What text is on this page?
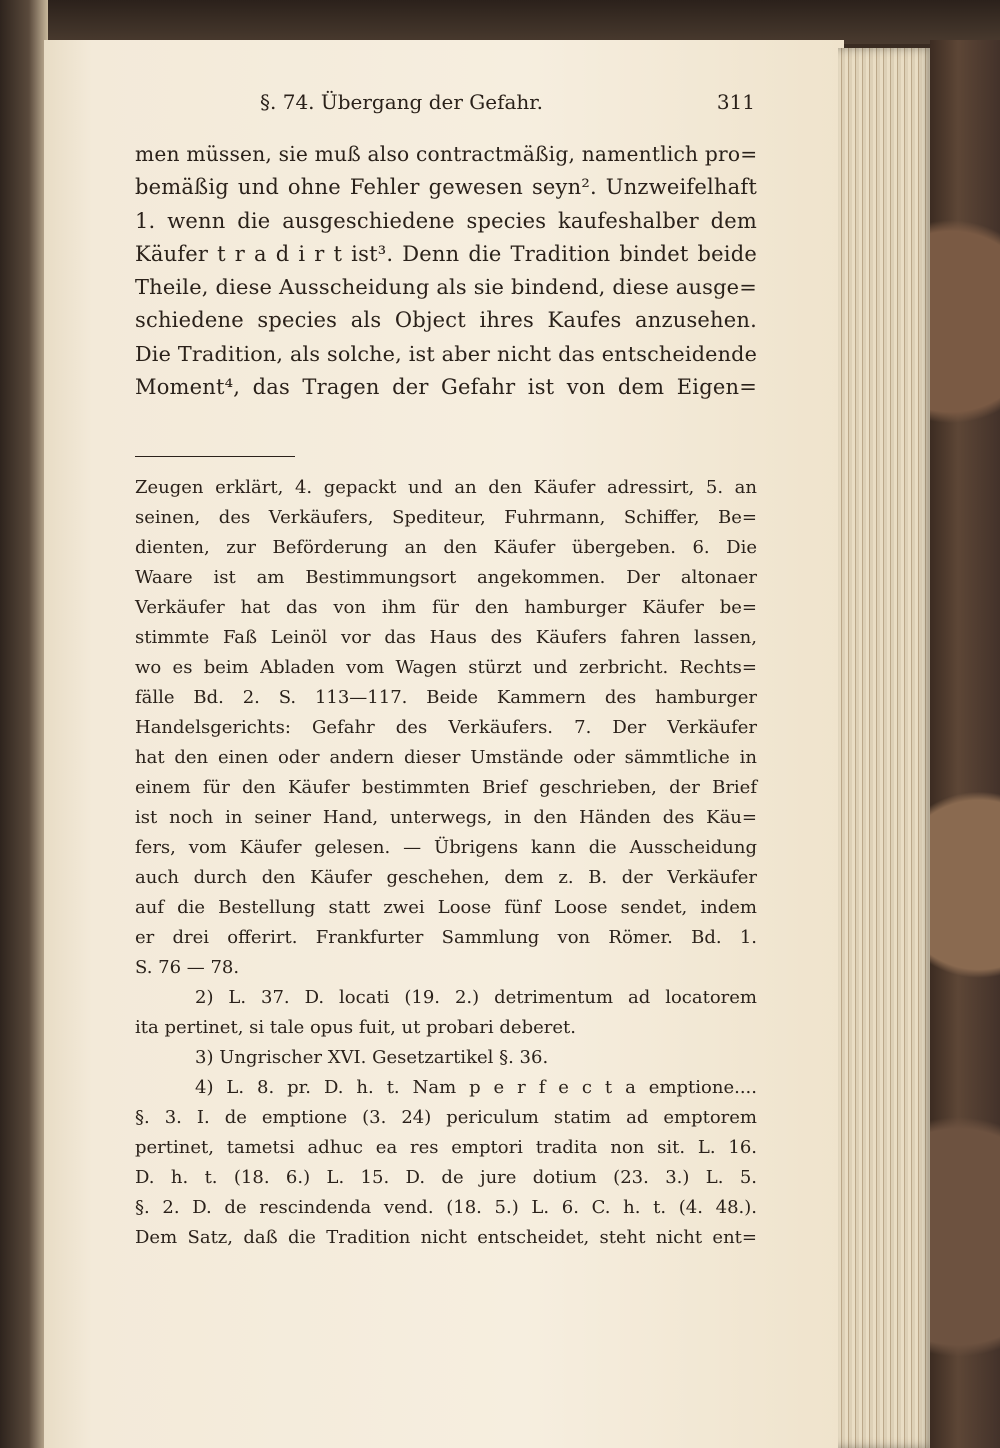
§. 74. Übergang der Gefahr.	311
men müssen, sie muß also contractmäßig, namentlich pro=
bemäßig und ohne Fehler gewesen seyn². Unzweifelhaft
1. wenn die ausgeschiedene species kaufeshalber dem
Käufer t r a d i r t ist³. Denn die Tradition bindet beide
Theile, diese Ausscheidung als sie bindend, diese ausge=
schiedene species als Object ihres Kaufes anzusehen.
Die Tradition, als solche, ist aber nicht das entscheidende
Moment⁴, das Tragen der Gefahr ist von dem Eigen=
Zeugen erklärt, 4. gepackt und an den Käufer adressirt, 5. an
seinen, des Verkäufers, Spediteur, Fuhrmann, Schiffer, Be=
dienten, zur Beförderung an den Käufer übergeben. 6. Die
Waare ist am Bestimmungsort angekommen. Der altonaer
Verkäufer hat das von ihm für den hamburger Käufer be=
stimmte Faß Leinöl vor das Haus des Käufers fahren lassen,
wo es beim Abladen vom Wagen stürzt und zerbricht. Rechts=
fälle Bd. 2. S. 113—117. Beide Kammern des hamburger
Handelsgerichts: Gefahr des Verkäufers. 7. Der Verkäufer
hat den einen oder andern dieser Umstände oder sämmtliche in
einem für den Käufer bestimmten Brief geschrieben, der Brief
ist noch in seiner Hand, unterwegs, in den Händen des Käu=
fers, vom Käufer gelesen. — Übrigens kann die Ausscheidung
auch durch den Käufer geschehen, dem z. B. der Verkäufer
auf die Bestellung statt zwei Loose fünf Loose sendet, indem
er drei offerirt. Frankfurter Sammlung von Römer. Bd. 1.
S. 76 — 78.
2) L. 37. D. locati (19. 2.) detrimentum ad locatorem
ita pertinet, si tale opus fuit, ut probari deberet.
3) Ungrischer XVI. Gesetzartikel §. 36.
4) L. 8. pr. D. h. t. Nam p e r f e c t a emptione....
§. 3. I. de emptione (3. 24) periculum statim ad emptorem
pertinet, tametsi adhuc ea res emptori tradita non sit. L. 16.
D. h. t. (18. 6.) L. 15. D. de jure dotium (23. 3.) L. 5.
§. 2. D. de rescindenda vend. (18. 5.) L. 6. C. h. t. (4. 48.).
Dem Satz, daß die Tradition nicht entscheidet, steht nicht ent=
